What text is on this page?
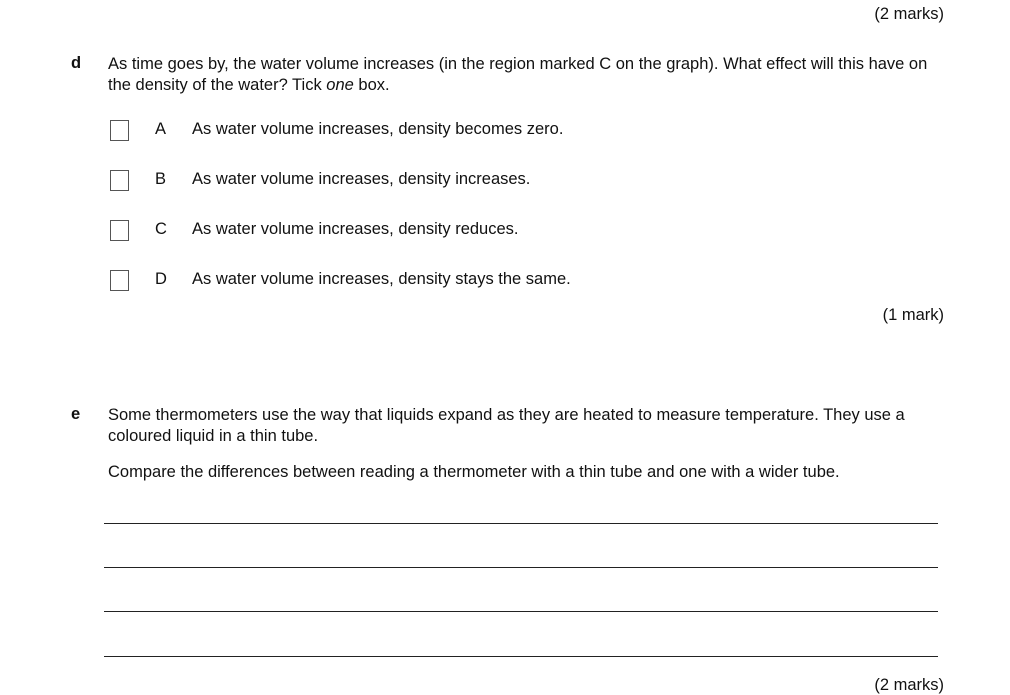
(2 marks)
d As time goes by, the water volume increases (in the region marked C on the graph). What effect will this have on the density of the water? Tick one box.
A As water volume increases, density becomes zero.
B As water volume increases, density increases.
C As water volume increases, density reduces.
D As water volume increases, density stays the same.
(1 mark)
e Some thermometers use the way that liquids expand as they are heated to measure temperature. They use a coloured liquid in a thin tube.
Compare the differences between reading a thermometer with a thin tube and one with a wider tube.
(2 marks)
